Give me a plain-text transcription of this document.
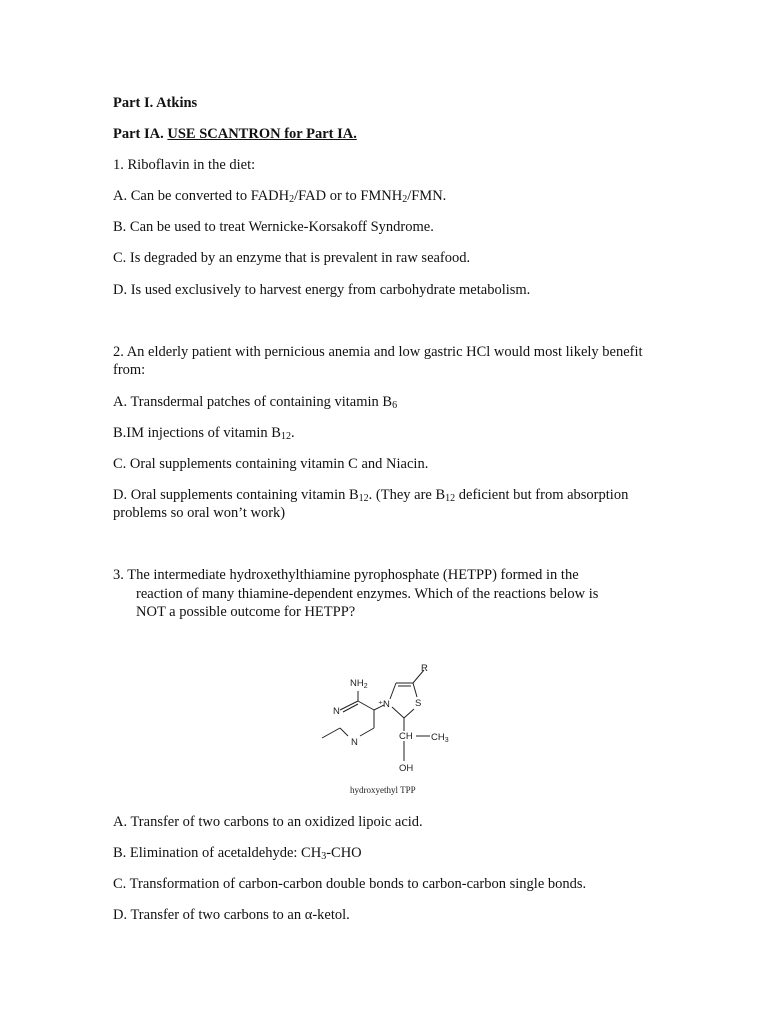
Part I. Atkins
Part IA. USE SCANTRON for Part IA.
1. Riboflavin in the diet:
A. Can be converted to $FADH_2$/FAD or to $FMNH_2$/FMN.
B. Can be used to treat Wernicke-Korsakoff Syndrome.
C. Is degraded by an enzyme that is prevalent in raw seafood.
D. Is used exclusively to harvest energy from carbohydrate metabolism.
2. An elderly patient with pernicious anemia and low gastric HCl would most likely benefit from:
A. Transdermal patches of containing vitamin $B_6$
B.IM injections of vitamin $B_{12}$.
C. Oral supplements containing vitamin C and Niacin.
D. Oral supplements containing vitamin $B_{12}$. (They are $B_{12}$ deficient but from absorption problems so oral won’t work)
3. The intermediate hydroxethylthiamine pyrophosphate (HETPP) formed in the
reaction of many thiamine-dependent enzymes. Which of the reactions below is
NOT a possible outcome for HETPP?
R
$NH_2$
N
N
⁺N	S
CH $CH_3$
OH
hydroxyethyl TPP
A. Transfer of two carbons to an oxidized lipoic acid.
B. Elimination of acetaldehyde: $CH_3$-CHO
C. Transformation of carbon-carbon double bonds to carbon-carbon single bonds.
D. Transfer of two carbons to an α-ketol.
